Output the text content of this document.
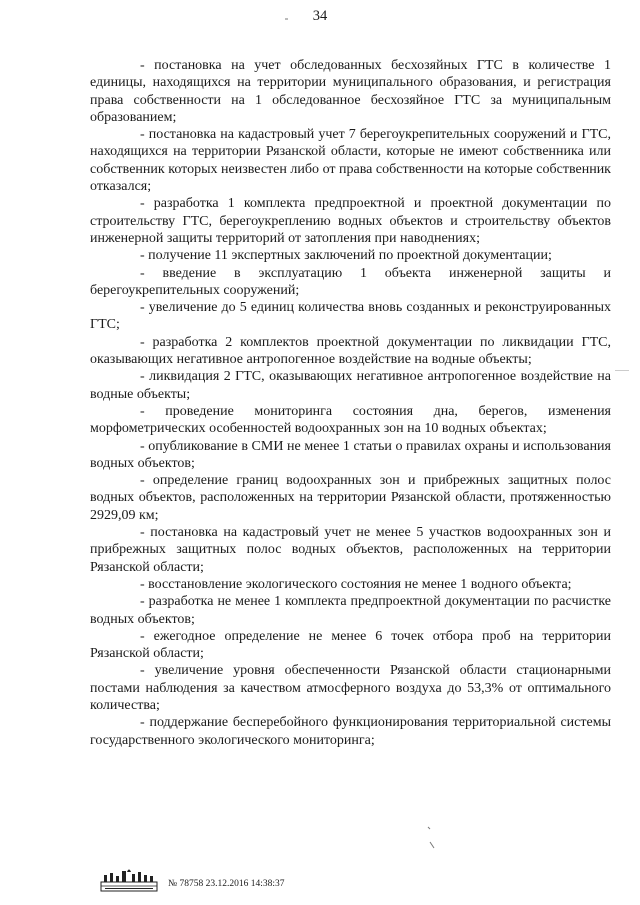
34

- постановка на учет обследованных бесхозяйных ГТС в количестве 1 единицы, находящихся на территории муниципального образования, и регистрация права собственности на 1 обследованное бесхозяйное ГТС за муниципальным образованием;

- постановка на кадастровый учет 7 берегоукрепительных сооружений и ГТС, находящихся на территории Рязанской области, которые не имеют собственника или собственник которых неизвестен либо от права собственности на которые собственник отказался;

- разработка 1 комплекта предпроектной и проектной документации по строительству ГТС, берегоукреплению водных объектов и строительству объектов инженерной защиты территорий от затопления при наводнениях;

- получение 11 экспертных заключений по проектной документации;

- введение в эксплуатацию 1 объекта инженерной защиты и берегоукрепительных сооружений;

- увеличение до 5 единиц количества вновь созданных и реконструированных ГТС;

- разработка 2 комплектов проектной документации по ликвидации ГТС, оказывающих негативное антропогенное воздействие на водные объекты;

- ликвидация 2 ГТС, оказывающих негативное антропогенное воздействие на водные объекты;

- проведение мониторинга состояния дна, берегов, изменения морфометрических особенностей водоохранных зон на 10 водных объектах;

- опубликование в СМИ не менее 1 статьи о правилах охраны и использования водных объектов;

- определение границ водоохранных зон и прибрежных защитных полос водных объектов, расположенных на территории Рязанской области, протяженностью 2929,09 км;

- постановка на кадастровый учет не менее 5 участков водоохранных зон и прибрежных защитных полос водных объектов, расположенных на территории Рязанской области;

- восстановление экологического состояния не менее 1 водного объекта;

- разработка не менее 1 комплекта предпроектной документации по расчистке водных объектов;

- ежегодное определение не менее 6 точек отбора проб на территории Рязанской области;

- увеличение уровня обеспеченности Рязанской области стационарными постами наблюдения за качеством атмосферного воздуха до 53,3% от оптимального количества;

- поддержание бесперебойного функционирования территориальной системы государственного экологического мониторинга;

№ 78758 23.12.2016 14:38:37
